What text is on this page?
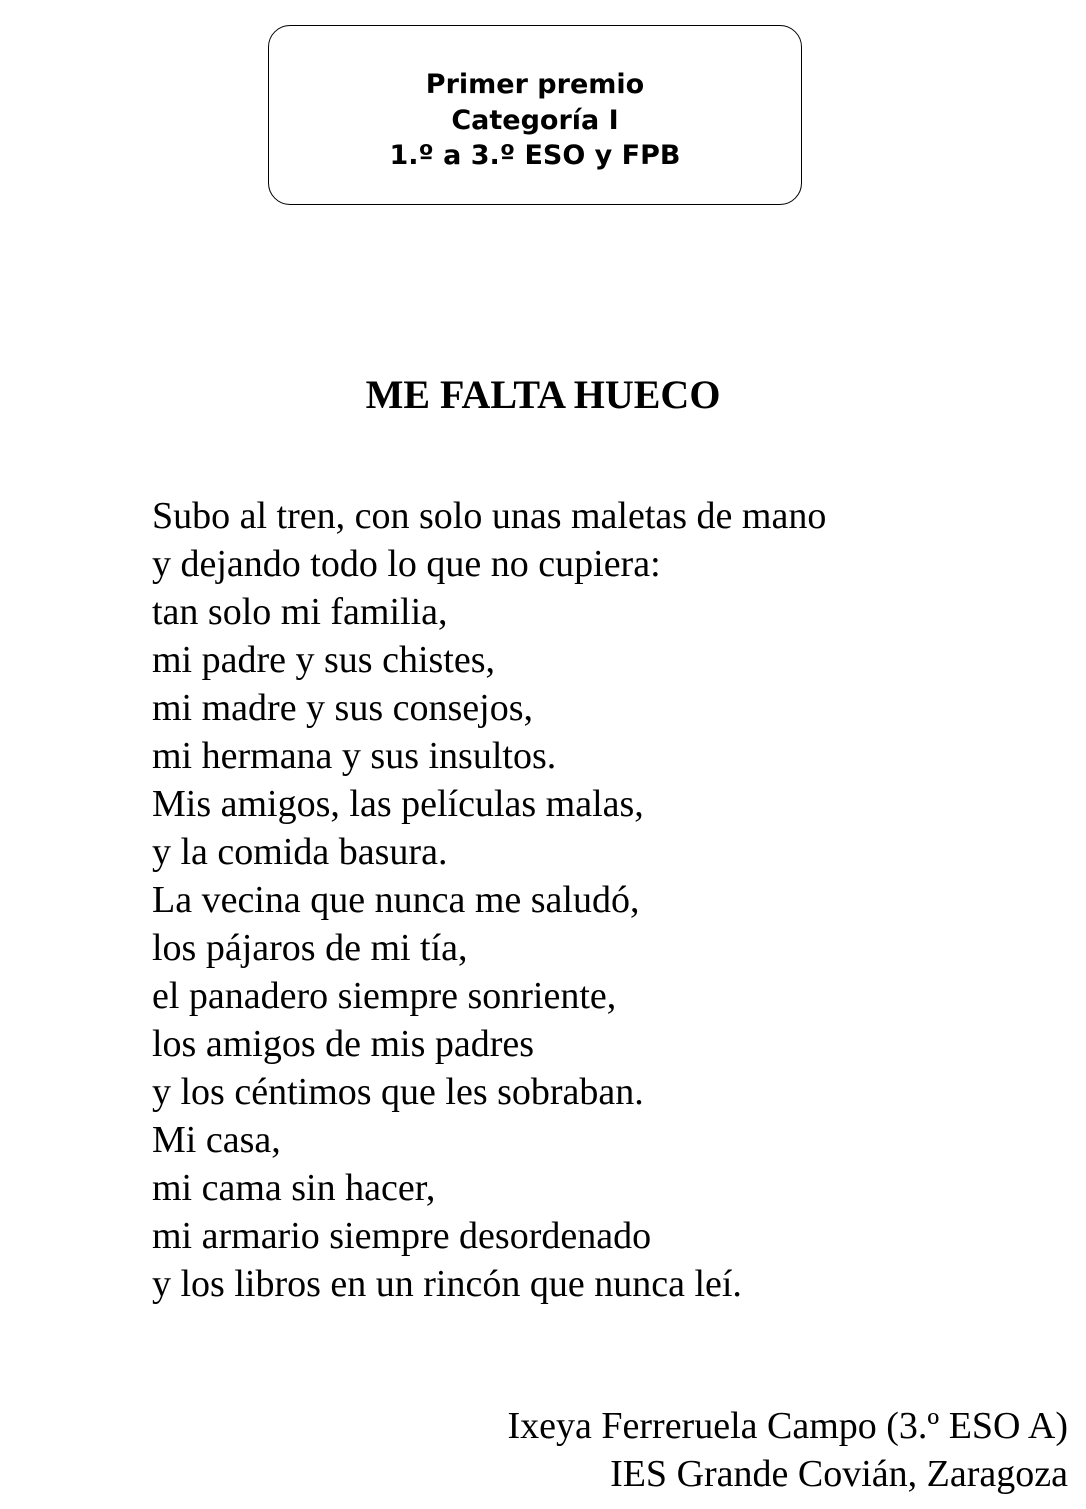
Primer premio
Categoría I
1.º a 3.º ESO y FPB
ME FALTA HUECO
Subo al tren, con solo unas maletas de mano
y dejando todo lo que no cupiera:
tan solo mi familia,
mi padre y sus chistes,
mi madre y sus consejos,
mi hermana y sus insultos.
Mis amigos, las películas malas,
y la comida basura.
La vecina que nunca me saludó,
los pájaros de mi tía,
el panadero siempre sonriente,
los amigos de mis padres
y los céntimos que les sobraban.
Mi casa,
mi cama sin hacer,
mi armario siempre desordenado
y los libros en un rincón que nunca leí.
Ixeya Ferreruela Campo (3.º ESO A)
IES Grande Covián, Zaragoza
